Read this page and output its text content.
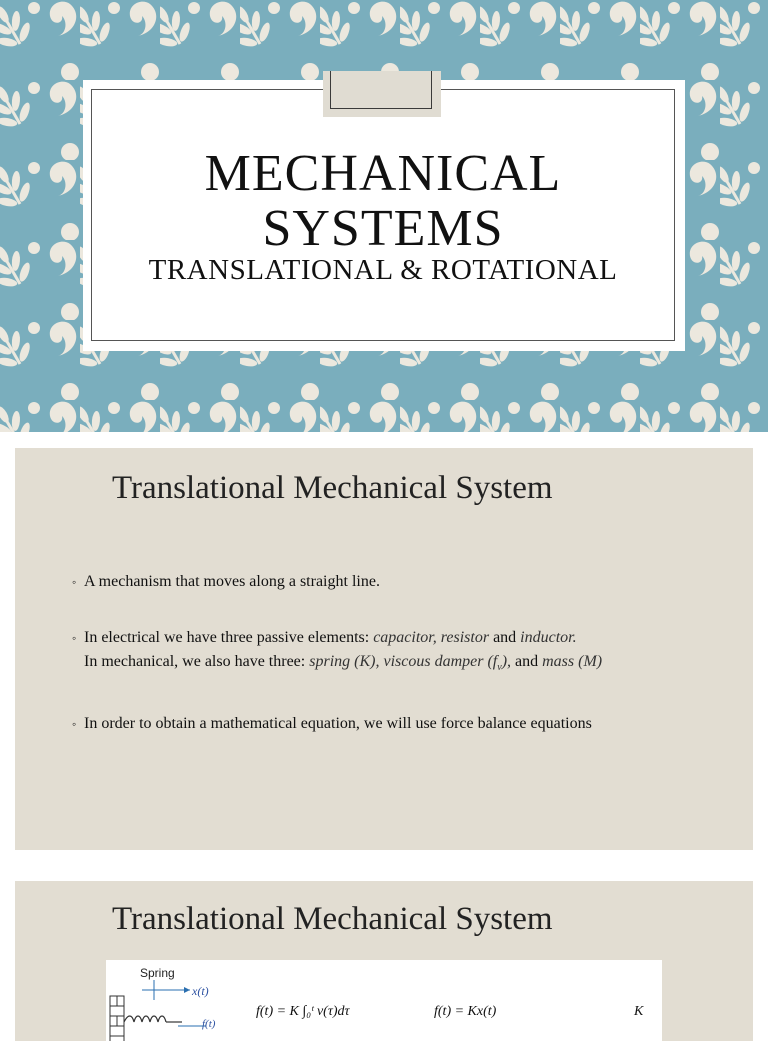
MECHANICAL
SYSTEMS
TRANSLATIONAL & ROTATIONAL
Translational Mechanical System
◦ A mechanism that moves along a straight line.
◦ In electrical we have three passive elements: capacitor, resistor and inductor.
In mechanical, we also have three: spring (K), viscous damper $(f_v)$, and mass (M)
◦ In order to obtain a mathematical equation, we will use force balance equations
Translational Mechanical System
Spring
x(t)
f(t)
f(t) = K ∫₀ᵗ v(τ)dτ	f(t) = Kx(t)	K
